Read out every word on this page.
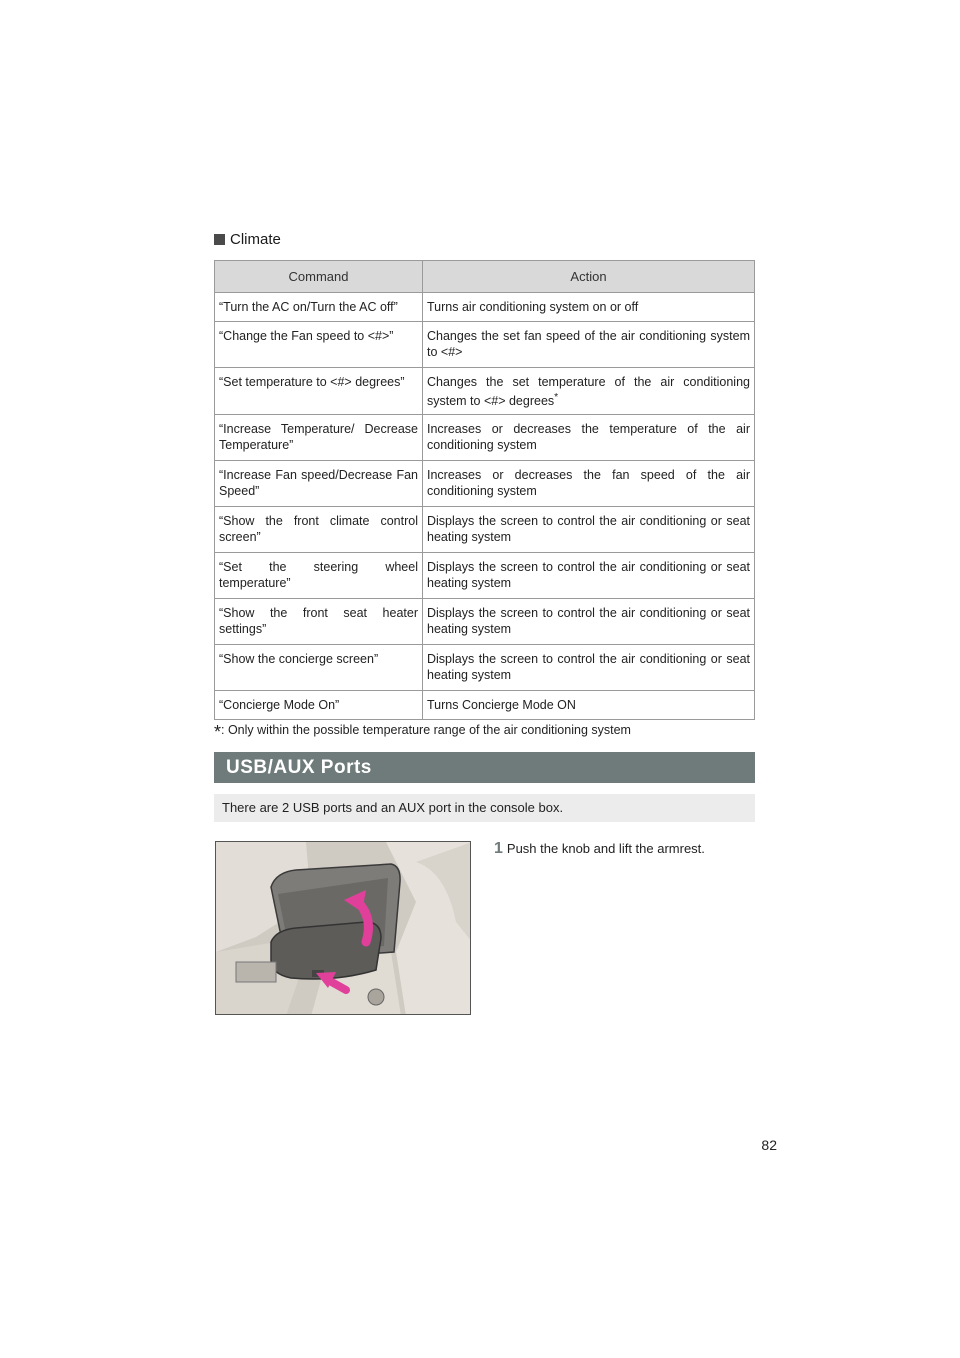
Climate
Command	Action
“Turn the AC on/Turn the AC off”	Turns air conditioning system on or off
“Change the Fan speed to <#>”	Changes the set fan speed of the air conditioning system to <#>
“Set temperature to <#> degrees”	Changes the set temperature of the air conditioning system to <#> degrees*
“Increase Temperature/ Decrease Temperature”	Increases or decreases the temperature of the air conditioning system
“Increase Fan speed/Decrease Fan Speed”	Increases or decreases the fan speed of the air conditioning system
“Show the front climate control screen”	Displays the screen to control the air conditioning or seat heating system
“Set the steering wheel temperature”	Displays the screen to control the air conditioning or seat heating system
“Show the front seat heater settings”	Displays the screen to control the air conditioning or seat heating system
“Show the concierge screen”	Displays the screen to control the air conditioning or seat heating system
“Concierge Mode On”	Turns Concierge Mode ON
*: Only within the possible temperature range of the air conditioning system
USB/AUX Ports
There are 2 USB ports and an AUX port in the console box.
1 Push the knob and lift the armrest.
82
